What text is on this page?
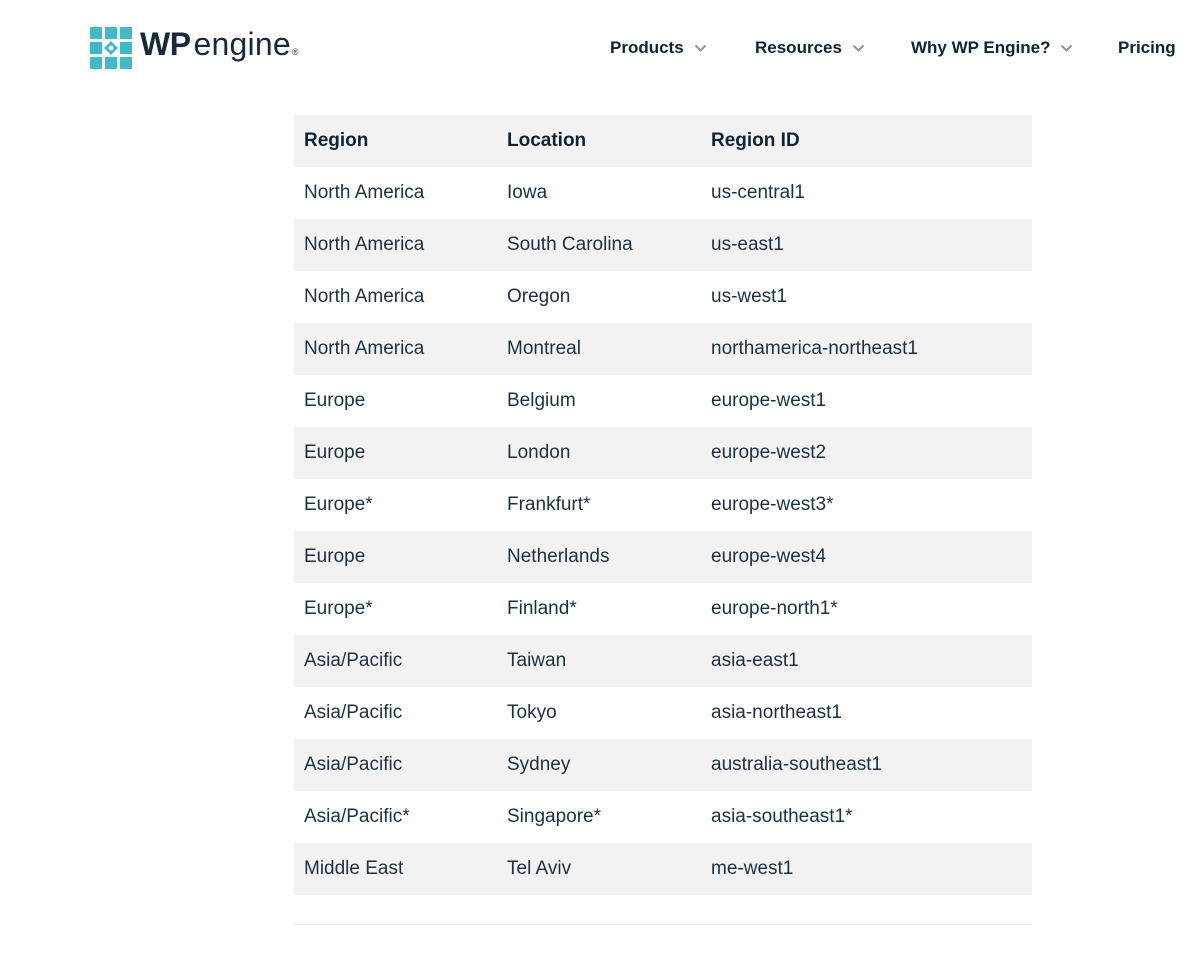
WP engine ®	Products	Resources	Why WP Engine?	Pricing
Region	Location	Region ID
North America	Iowa	us-central1
North America	South Carolina	us-east1
North America	Oregon	us-west1
North America	Montreal	northamerica-northeast1
Europe	Belgium	europe-west1
Europe	London	europe-west2
Europe*	Frankfurt*	europe-west3*
Europe	Netherlands	europe-west4
Europe*	Finland*	europe-north1*
Asia/Pacific	Taiwan	asia-east1
Asia/Pacific	Tokyo	asia-northeast1
Asia/Pacific	Sydney	australia-southeast1
Asia/Pacific*	Singapore*	asia-southeast1*
Middle East	Tel Aviv	me-west1
